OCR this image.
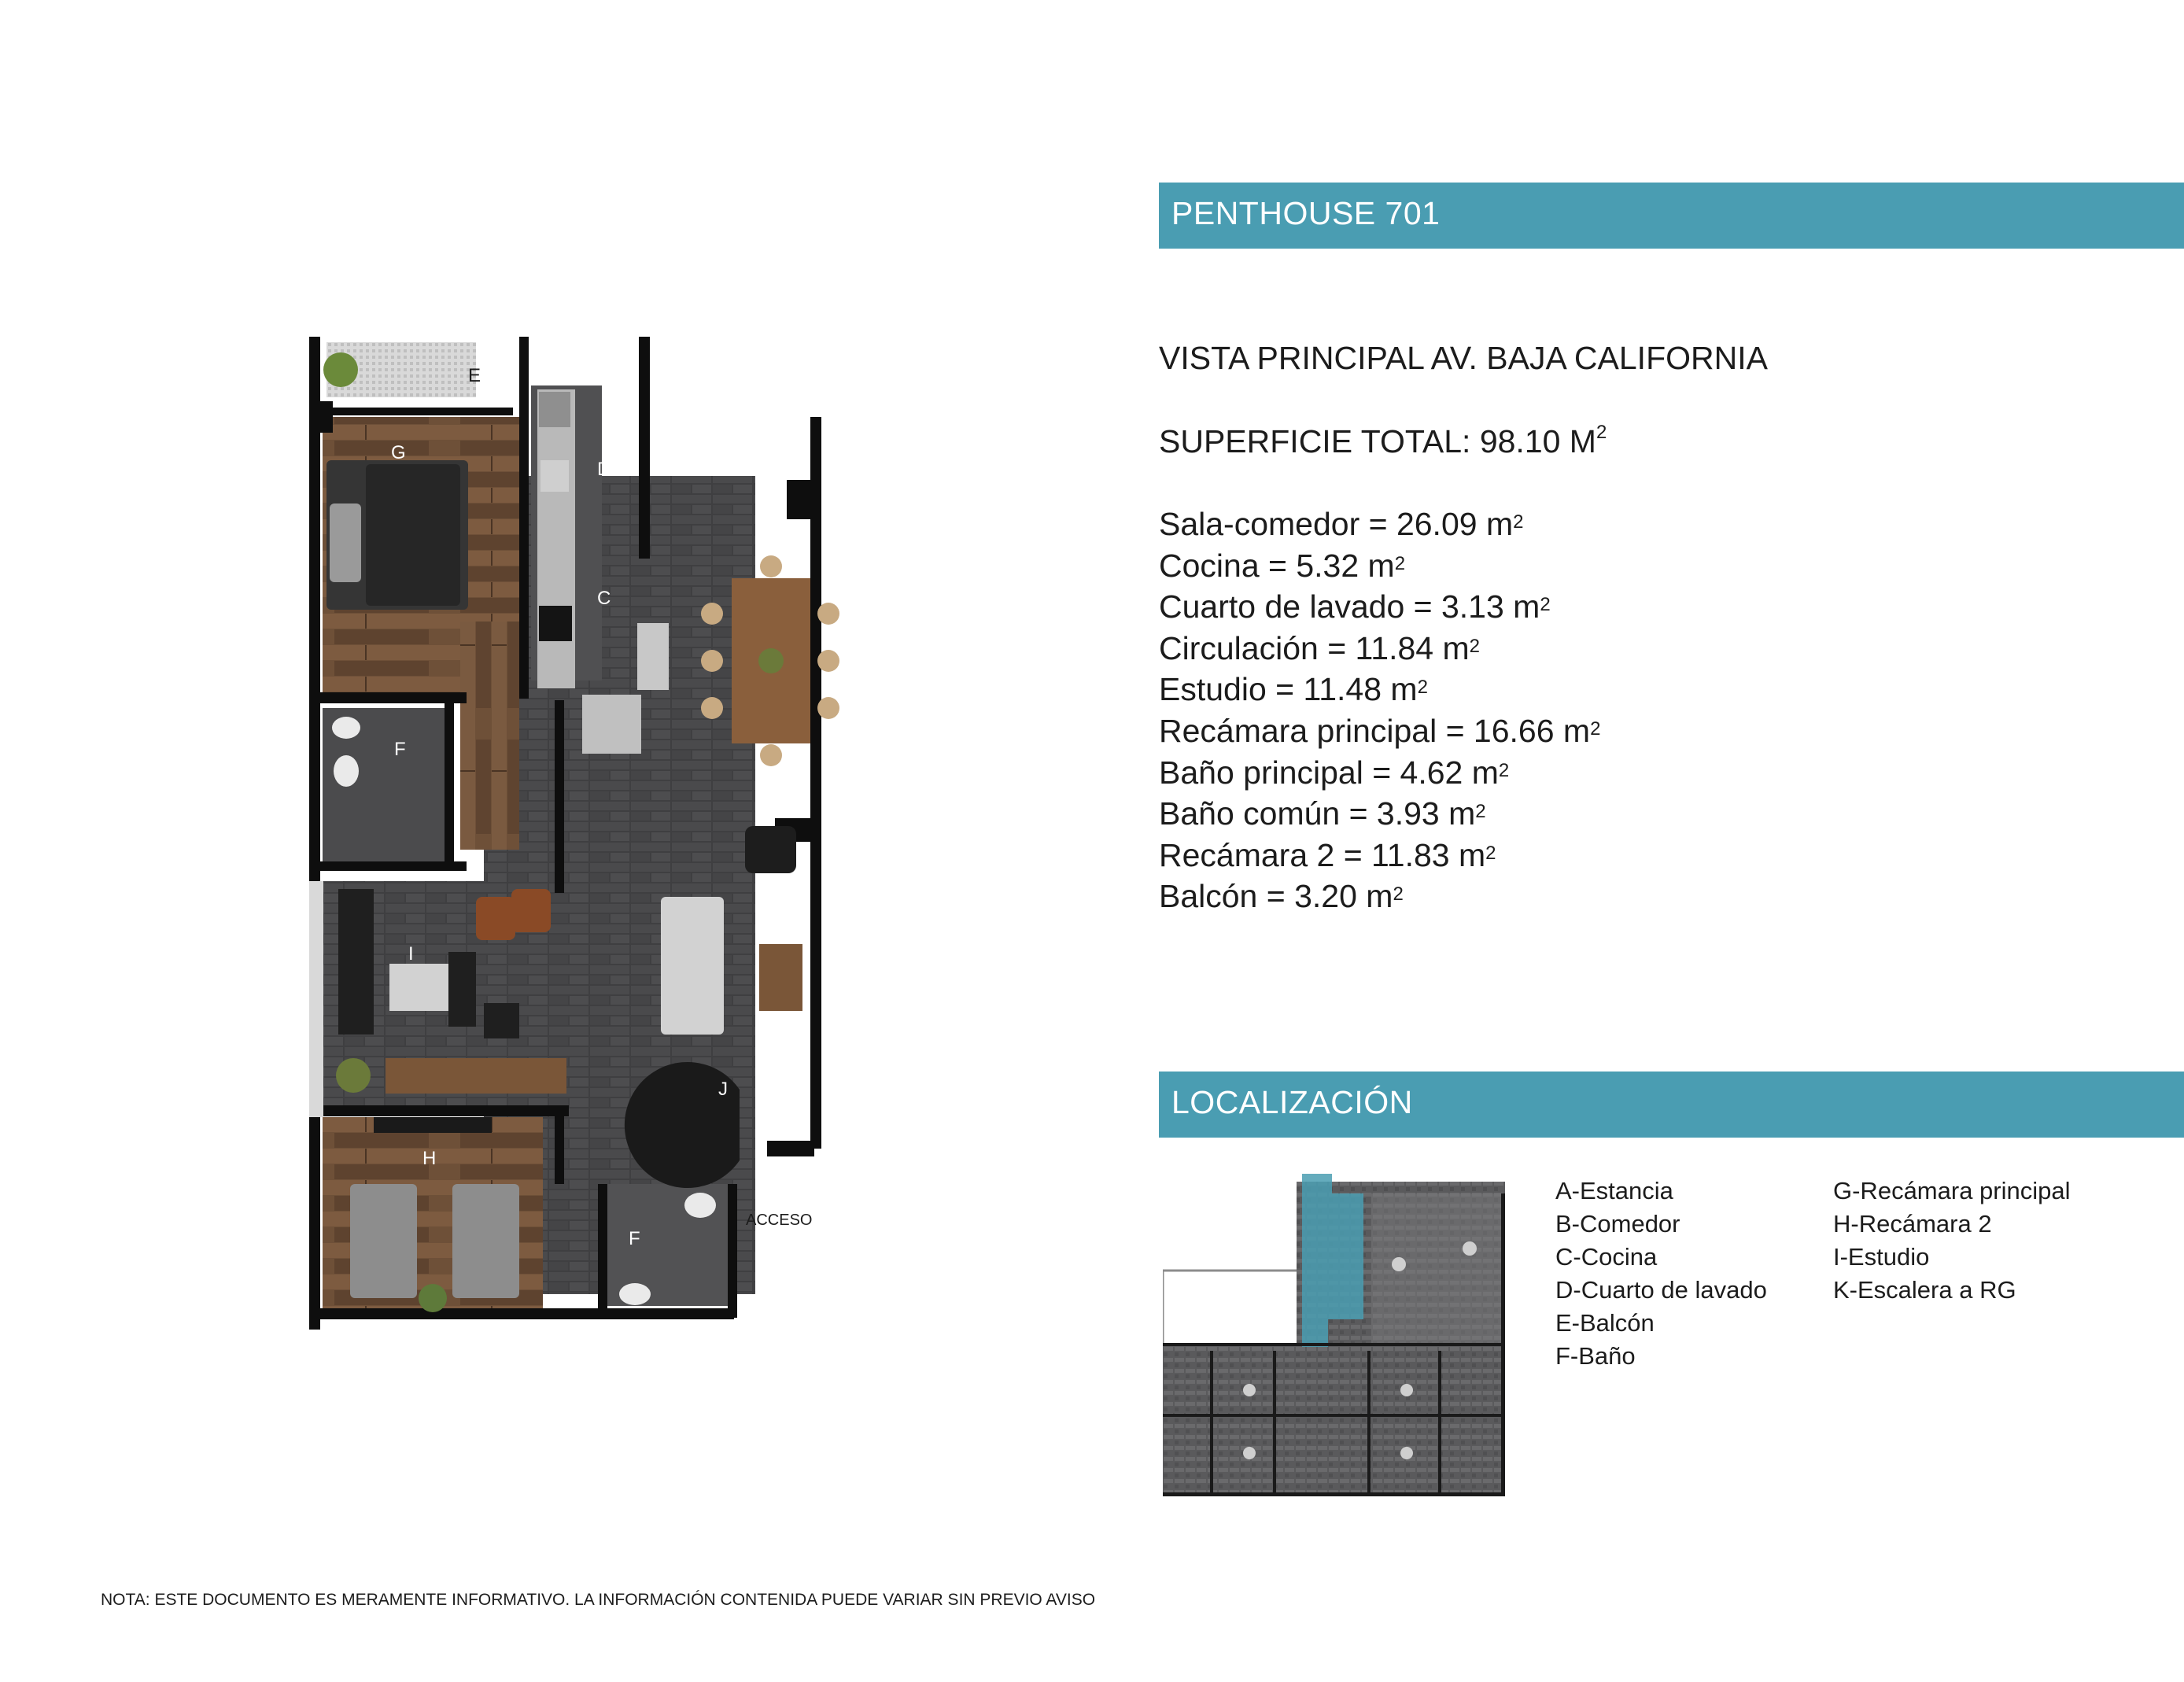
PENTHOUSE 701
VISTA PRINCIPAL AV. BAJA CALIFORNIA
SUPERFICIE TOTAL: 98.10 $M^2$
Sala-comedor = 26.09 $m^2$
Cocina = 5.32 $m^2$
Cuarto de lavado = 3.13 $m^2$
Circulación = 11.84 $m^2$
Estudio = 11.48 $m^2$
Recámara principal = 16.66 $m^2$
Baño principal = 4.62 $m^2$
Baño común = 3.93 $m^2$
Recámara 2 = 11.83 $m^2$
Balcón = 3.20 $m^2$
LOCALIZACIÓN
A-Estancia
B-Comedor
C-Cocina
D-Cuarto de lavado
E-Balcón
F-Baño
G-Recámara principal
H-Recámara 2
I-Estudio
K-Escalera a RG
A
B
C
D
E
F
F
G
H
I
J
ACCESO
NOTA: ESTE DOCUMENTO ES MERAMENTE INFORMATIVO. LA INFORMACIÓN CONTENIDA PUEDE VARIAR SIN PREVIO AVISO
